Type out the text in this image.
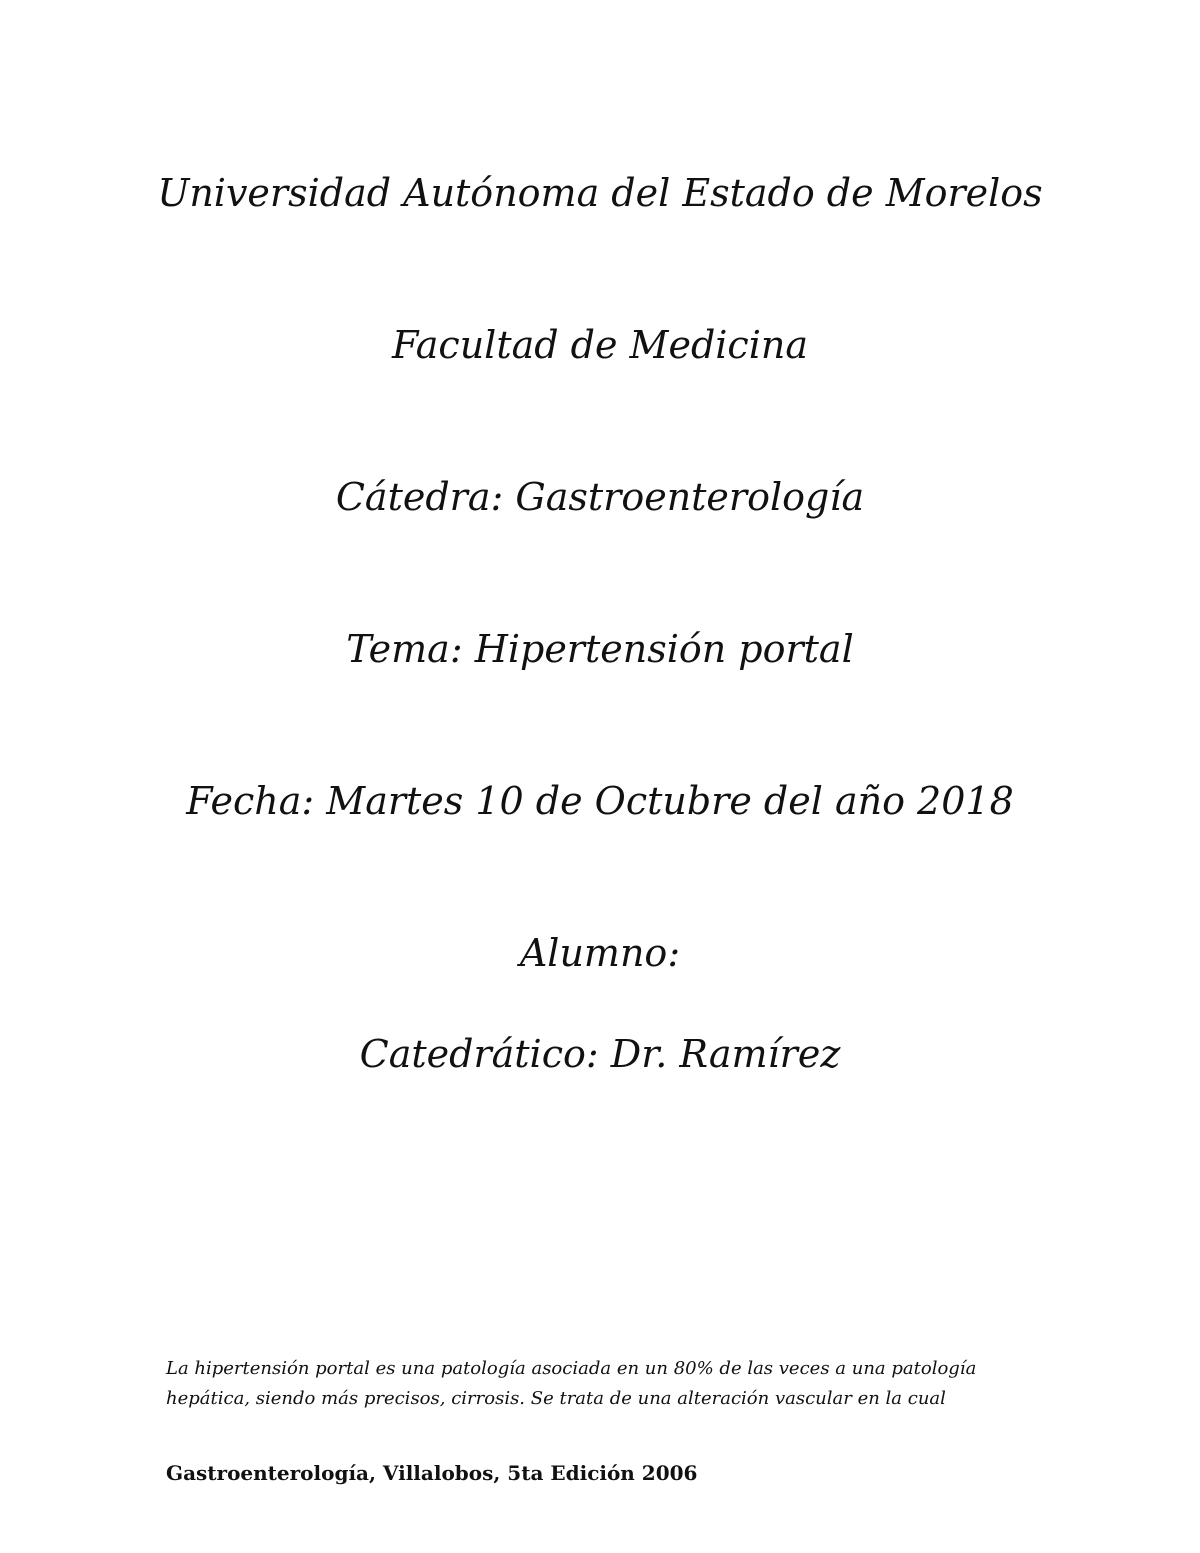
Universidad Autónoma del Estado de Morelos
Facultad de Medicina
Cátedra: Gastroenterología
Tema: Hipertensión portal
Fecha: Martes 10 de Octubre del año 2018
Alumno:
Catedrático: Dr. Ramírez
La hipertensión portal es una patología asociada en un 80% de las veces a una patología
hepática, siendo más precisos, cirrosis. Se trata de una alteración vascular en la cual
Gastroenterología, Villalobos, 5ta Edición 2006
